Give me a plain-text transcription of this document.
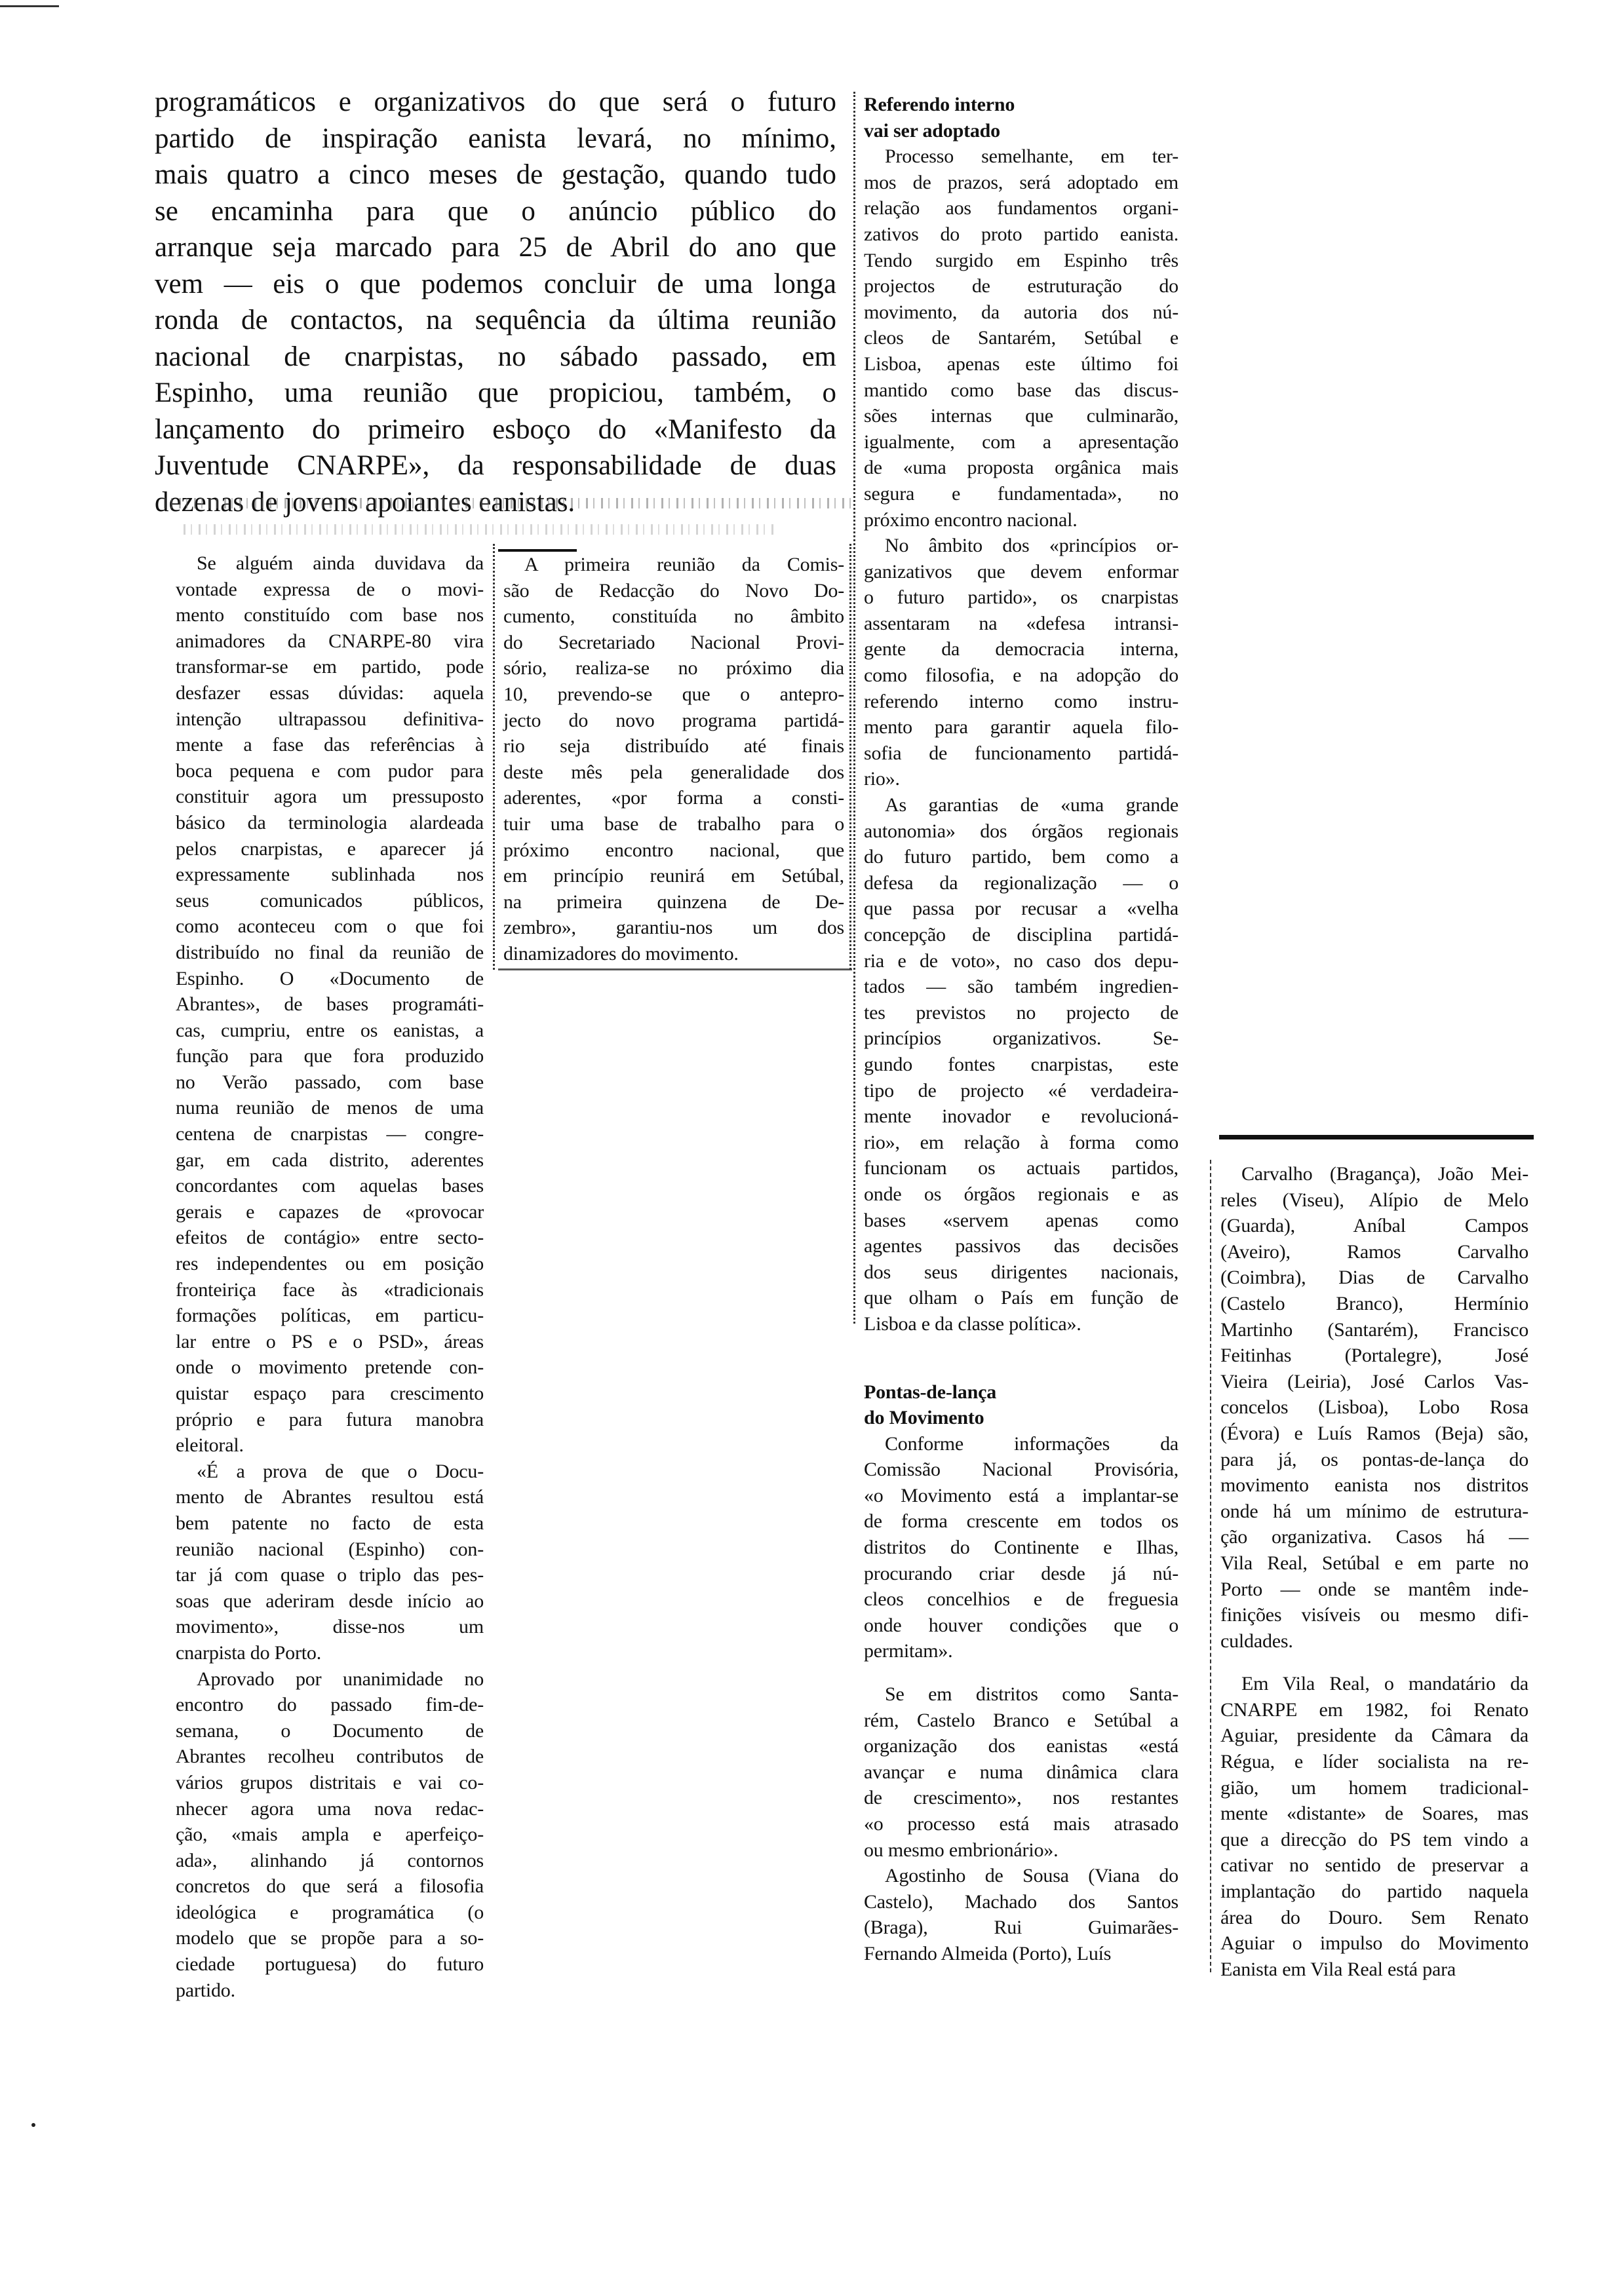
programáticos e organizativos do que será o futuro
partido de inspiração eanista levará, no mínimo,
mais quatro a cinco meses de gestação, quando tudo
se encaminha para que o anúncio público do
arranque seja marcado para 25 de Abril do ano que
vem — eis o que podemos concluir de uma longa
ronda de contactos, na sequência da última reunião
nacional de cnarpistas, no sábado passado, em
Espinho, uma reunião que propiciou, também, o
lançamento do primeiro esboço do «Manifesto da
Juventude CNARPE», da responsabilidade de duas
dezenas de jovens apoiantes eanistas.
Se alguém ainda duvidava da
vontade expressa de o movi-
mento constituído com base nos
animadores da CNARPE-80 vira
transformar-se em partido, pode
desfazer essas dúvidas: aquela
intenção ultrapassou definitiva-
mente a fase das referências à
boca pequena e com pudor para
constituir agora um pressuposto
básico da terminologia alardeada
pelos cnarpistas, e aparecer já
expressamente sublinhada nos
seus comunicados públicos,
como aconteceu com o que foi
distribuído no final da reunião de
Espinho. O «Documento de
Abrantes», de bases programáti-
cas, cumpriu, entre os eanistas, a
função para que fora produzido
no Verão passado, com base
numa reunião de menos de uma
centena de cnarpistas — congre-
gar, em cada distrito, aderentes
concordantes com aquelas bases
gerais e capazes de «provocar
efeitos de contágio» entre secto-
res independentes ou em posição
fronteiriça face às «tradicionais
formações políticas, em particu-
lar entre o PS e o PSD», áreas
onde o movimento pretende con-
quistar espaço para crescimento
próprio e para futura manobra
eleitoral.
«É a prova de que o Docu-
mento de Abrantes resultou está
bem patente no facto de esta
reunião nacional (Espinho) con-
tar já com quase o triplo das pes-
soas que aderiram desde início ao
movimento», disse-nos um
cnarpista do Porto.
Aprovado por unanimidade no
encontro do passado fim-de-
semana, o Documento de
Abrantes recolheu contributos de
vários grupos distritais e vai co-
nhecer agora uma nova redac-
ção, «mais ampla e aperfeiço-
ada», alinhando já contornos
concretos do que será a filosofia
ideológica e programática (o
modelo que se propõe para a so-
ciedade portuguesa) do futuro
partido.
A primeira reunião da Comis-
são de Redacção do Novo Do-
cumento, constituída no âmbito
do Secretariado Nacional Provi-
sório, realiza-se no próximo dia
10, prevendo-se que o antepro-
jecto do novo programa partidá-
rio seja distribuído até finais
deste mês pela generalidade dos
aderentes, «por forma a consti-
tuir uma base de trabalho para o
próximo encontro nacional, que
em princípio reunirá em Setúbal,
na primeira quinzena de De-
zembro», garantiu-nos um dos
dinamizadores do movimento.
Referendo interno
vai ser adoptado
Processo semelhante, em ter-
mos de prazos, será adoptado em
relação aos fundamentos organi-
zativos do proto partido eanista.
Tendo surgido em Espinho três
projectos de estruturação do
movimento, da autoria dos nú-
cleos de Santarém, Setúbal e
Lisboa, apenas este último foi
mantido como base das discus-
sões internas que culminarão,
igualmente, com a apresentação
de «uma proposta orgânica mais
segura e fundamentada», no
próximo encontro nacional.
No âmbito dos «princípios or-
ganizativos que devem enformar
o futuro partido», os cnarpistas
assentaram na «defesa intransi-
gente da democracia interna,
como filosofia, e na adopção do
referendo interno como instru-
mento para garantir aquela filo-
sofia de funcionamento partidá-
rio».
As garantias de «uma grande
autonomia» dos órgãos regionais
do futuro partido, bem como a
defesa da regionalização — o
que passa por recusar a «velha
concepção de disciplina partidá-
ria e de voto», no caso dos depu-
tados — são também ingredien-
tes previstos no projecto de
princípios organizativos. Se-
gundo fontes cnarpistas, este
tipo de projecto «é verdadeira-
mente inovador e revolucioná-
rio», em relação à forma como
funcionam os actuais partidos,
onde os órgãos regionais e as
bases «servem apenas como
agentes passivos das decisões
dos seus dirigentes nacionais,
que olham o País em função de
Lisboa e da classe política».
Pontas-de-lança
do Movimento
Conforme informações da
Comissão Nacional Provisória,
«o Movimento está a implantar-se
de forma crescente em todos os
distritos do Continente e Ilhas,
procurando criar desde já nú-
cleos concelhios e de freguesia
onde houver condições que o
permitam».
Se em distritos como Santa-
rém, Castelo Branco e Setúbal a
organização dos eanistas «está
avançar e numa dinâmica clara
de crescimento», nos restantes
«o processo está mais atrasado
ou mesmo embrionário».
Agostinho de Sousa (Viana do
Castelo), Machado dos Santos
(Braga), Rui Guimarães-
Fernando Almeida (Porto), Luís
Carvalho (Bragança), João Mei-
reles (Viseu), Alípio de Melo
(Guarda), Aníbal Campos
(Aveiro), Ramos Carvalho
(Coimbra), Dias de Carvalho
(Castelo Branco), Hermínio
Martinho (Santarém), Francisco
Feitinhas (Portalegre), José
Vieira (Leiria), José Carlos Vas-
concelos (Lisboa), Lobo Rosa
(Évora) e Luís Ramos (Beja) são,
para já, os pontas-de-lança do
movimento eanista nos distritos
onde há um mínimo de estrutura-
ção organizativa. Casos há —
Vila Real, Setúbal e em parte no
Porto — onde se mantêm inde-
finições visíveis ou mesmo difi-
culdades.
Em Vila Real, o mandatário da
CNARPE em 1982, foi Renato
Aguiar, presidente da Câmara da
Régua, e líder socialista na re-
gião, um homem tradicional-
mente «distante» de Soares, mas
que a direcção do PS tem vindo a
cativar no sentido de preservar a
implantação do partido naquela
área do Douro. Sem Renato
Aguiar o impulso do Movimento
Eanista em Vila Real está para
